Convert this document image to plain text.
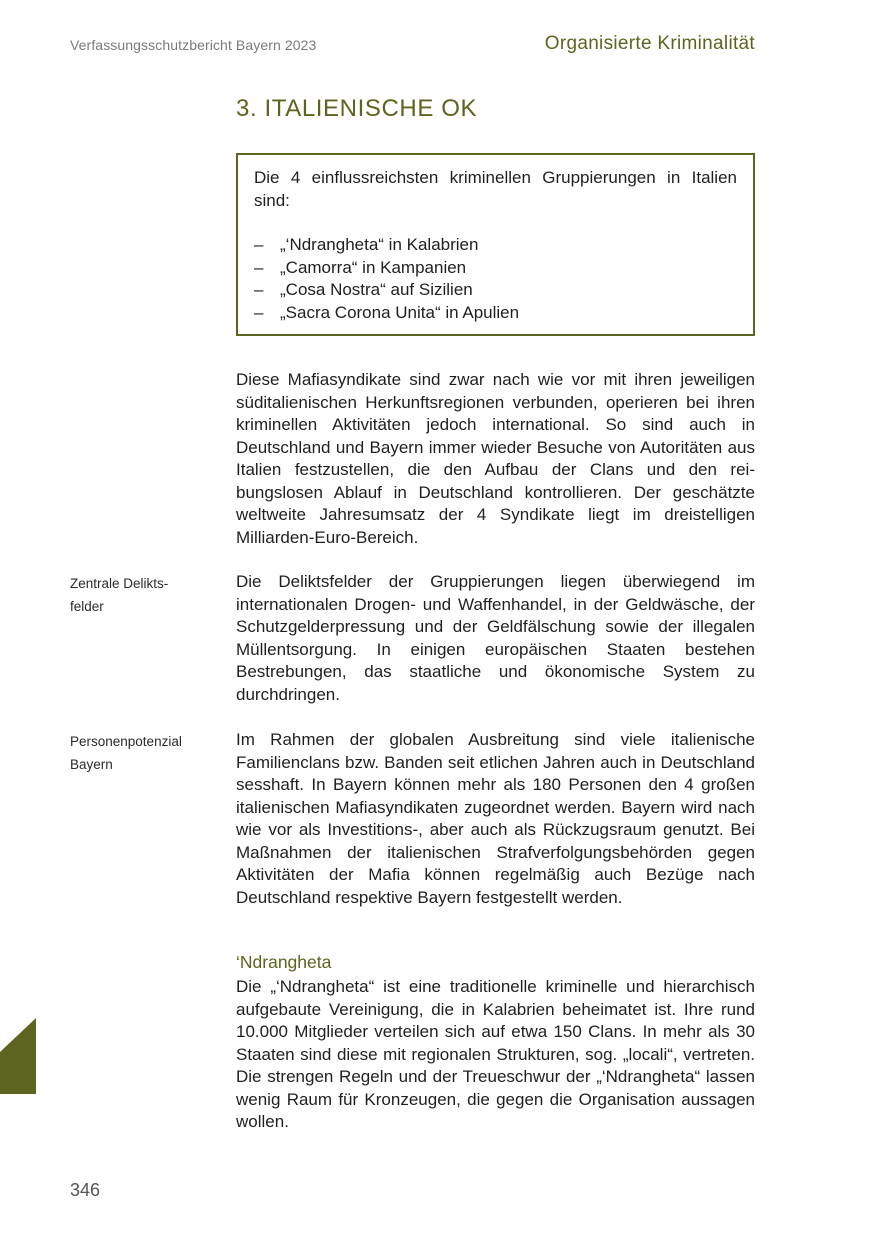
Verfassungsschutzbericht Bayern 2023	Organisierte Kriminalität
3. ITALIENISCHE OK

Die 4 einflussreichsten kriminellen Gruppierungen in Italien sind:

– „‘Ndrangheta“ in Kalabrien
– „Camorra“ in Kampanien
– „Cosa Nostra“ auf Sizilien
– „Sacra Corona Unita“ in Apulien

Diese Mafiasyndikate sind zwar nach wie vor mit ihren jeweiligen süditalienischen Herkunftsregionen verbunden, operieren bei ihren kriminellen Aktivitäten jedoch international. So sind auch in Deutschland und Bayern immer wieder Besuche von Autoritäten aus Italien festzustellen, die den Aufbau der Clans und den reibungslosen Ablauf in Deutschland kontrollieren. Der geschätzte weltweite Jahresumsatz der 4 Syndikate liegt im dreistelligen Milliarden-Euro-Bereich.

Zentrale Delikts-
felder

Die Deliktsfelder der Gruppierungen liegen überwiegend im internationalen Drogen- und Waffenhandel, in der Geldwäsche, der Schutzgelderpressung und der Geldfälschung sowie der illegalen Müllentsorgung. In einigen europäischen Staaten bestehen Bestrebungen, das staatliche und ökonomische System zu durchdringen.

Personenpotenzial
Bayern

Im Rahmen der globalen Ausbreitung sind viele italienische Familienclans bzw. Banden seit etlichen Jahren auch in Deutschland sesshaft. In Bayern können mehr als 180 Personen den 4 großen italienischen Mafiasyndikaten zugeordnet werden. Bayern wird nach wie vor als Investitions-, aber auch als Rückzugsraum genutzt. Bei Maßnahmen der italienischen Strafverfolgungsbehörden gegen Aktivitäten der Mafia können regelmäßig auch Bezüge nach Deutschland respektive Bayern festgestellt werden.

‘Ndrangheta

Die „‘Ndrangheta“ ist eine traditionelle kriminelle und hierarchisch aufgebaute Vereinigung, die in Kalabrien beheimatet ist. Ihre rund 10.000 Mitglieder verteilen sich auf etwa 150 Clans. In mehr als 30 Staaten sind diese mit regionalen Strukturen, sog. „locali“, vertreten. Die strengen Regeln und der Treueschwur der „‘Ndrangheta“ lassen wenig Raum für Kronzeugen, die gegen die Organisation aussagen wollen.

346
